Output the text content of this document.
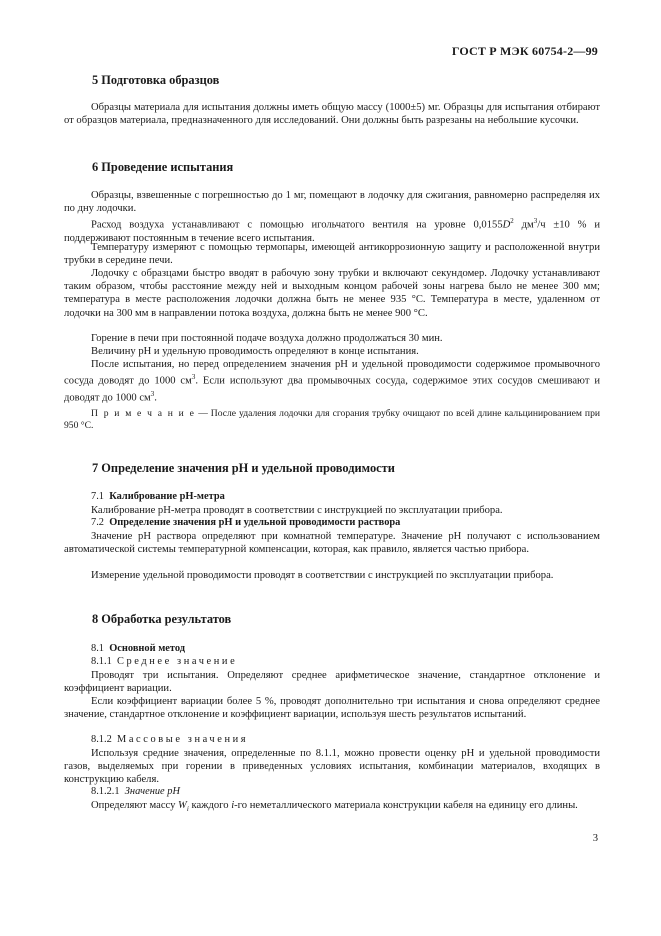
ГОСТ Р МЭК 60754-2—99
5 Подготовка образцов
Образцы материала для испытания должны иметь общую массу (1000±5) мг. Образцы для испытания отбирают от образцов материала, предназначенного для исследований. Они должны быть разрезаны на небольшие кусочки.
6 Проведение испытания
Образцы, взвешенные с погрешностью до 1 мг, помещают в лодочку для сжигания, равномерно распределяя их по дну лодочки.
Расход воздуха устанавливают с помощью игольчатого вентиля на уровне $0,0155D^2$ $дм^3/ч \pm 10$ % и поддерживают постоянным в течение всего испытания.
Температуру измеряют с помощью термопары, имеющей антикоррозионную защиту и расположенной внутри трубки в середине печи.
Лодочку с образцами быстро вводят в рабочую зону трубки и включают секундомер. Лодочку устанавливают таким образом, чтобы расстояние между ней и выходным концом рабочей зоны нагрева было не менее 300 мм; температура в месте расположения лодочки должна быть не менее 935 °С. Температура в месте, удаленном от лодочки на 300 мм в направлении потока воздуха, должна быть не менее 900 °С.
Горение в печи при постоянной подаче воздуха должно продолжаться 30 мин.
Величину рН и удельную проводимость определяют в конце испытания.
После испытания, но перед определением значения рН и удельной проводимости содержимое промывочного сосуда доводят до 1000 $см^3$. Если используют два промывочных сосуда, содержимое этих сосудов смешивают и доводят до 1000 $см^3$.
П р и м е ч а н и е — После удаления лодочки для сгорания трубку очищают по всей длине кальцинированием при 950 °С.
7 Определение значения рН и удельной проводимости
7.1 Калибрование рН-метра
Калибрование рН-метра проводят в соответствии с инструкцией по эксплуатации прибора.
7.2 Определение значения рН и удельной проводимости раствора
Значение рН раствора определяют при комнатной температуре. Значение рН получают с использованием автоматической системы температурной компенсации, которая, как правило, является частью прибора.
Измерение удельной проводимости проводят в соответствии с инструкцией по эксплуатации прибора.
8 Обработка результатов
8.1 Основной метод
8.1.1 Среднее значение
Проводят три испытания. Определяют среднее арифметическое значение, стандартное отклонение и коэффициент вариации.
Если коэффициент вариации более 5 %, проводят дополнительно три испытания и снова определяют среднее значение, стандартное отклонение и коэффициент вариации, используя шесть результатов испытаний.
8.1.2 Массовые значения
Используя средние значения, определенные по 8.1.1, можно провести оценку рН и удельной проводимости газов, выделяемых при горении в приведенных условиях испытания, комбинации материалов, входящих в конструкцию кабеля.
8.1.2.1 Значение рН
Определяют массу $W_i$ каждого i-го неметаллического материала конструкции кабеля на единицу его длины.
3
